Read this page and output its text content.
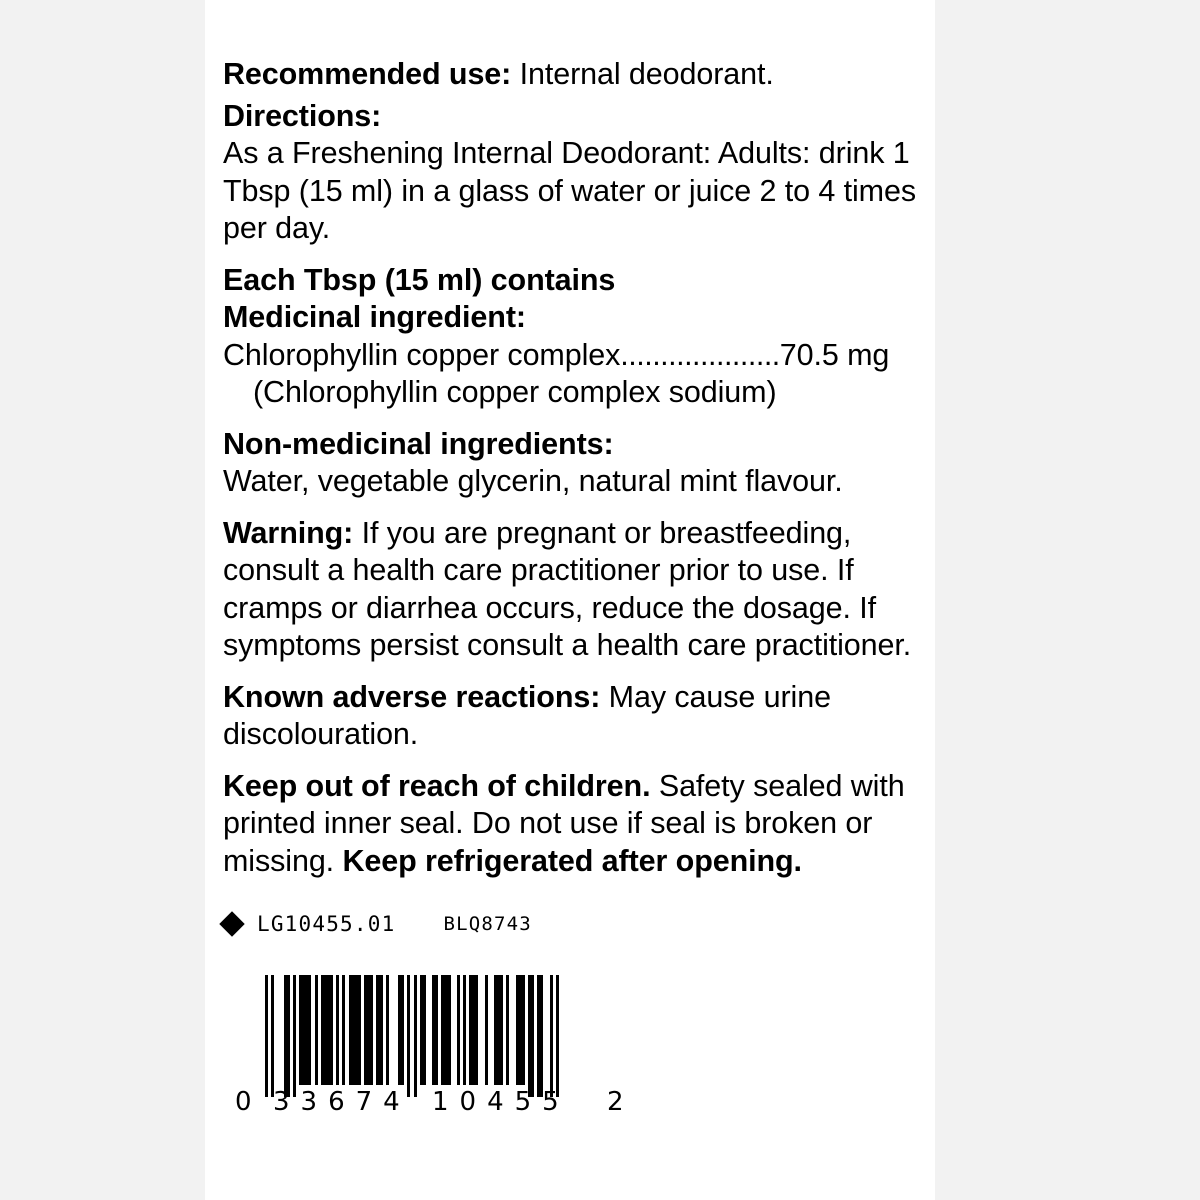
Recommended use: Internal deodorant.

Directions:
As a Freshening Internal Deodorant: Adults: drink 1 Tbsp (15 ml) in a glass of water or juice 2 to 4 times per day.

Each Tbsp (15 ml) contains
Medicinal ingredient:
Chlorophyllin copper complex....................70.5 mg
(Chlorophyllin copper complex sodium)

Non-medicinal ingredients:
Water, vegetable glycerin, natural mint flavour.

Warning: If you are pregnant or breastfeeding, consult a health care practitioner prior to use. If cramps or diarrhea occurs, reduce the dosage. If symptoms persist consult a health care practitioner.

Known adverse reactions: May cause urine discolouration.

Keep out of reach of children. Safety sealed with printed inner seal. Do not use if seal is broken or missing. Keep refrigerated after opening.

LG10455.01	BLQ8743
0 33674 10455 2
